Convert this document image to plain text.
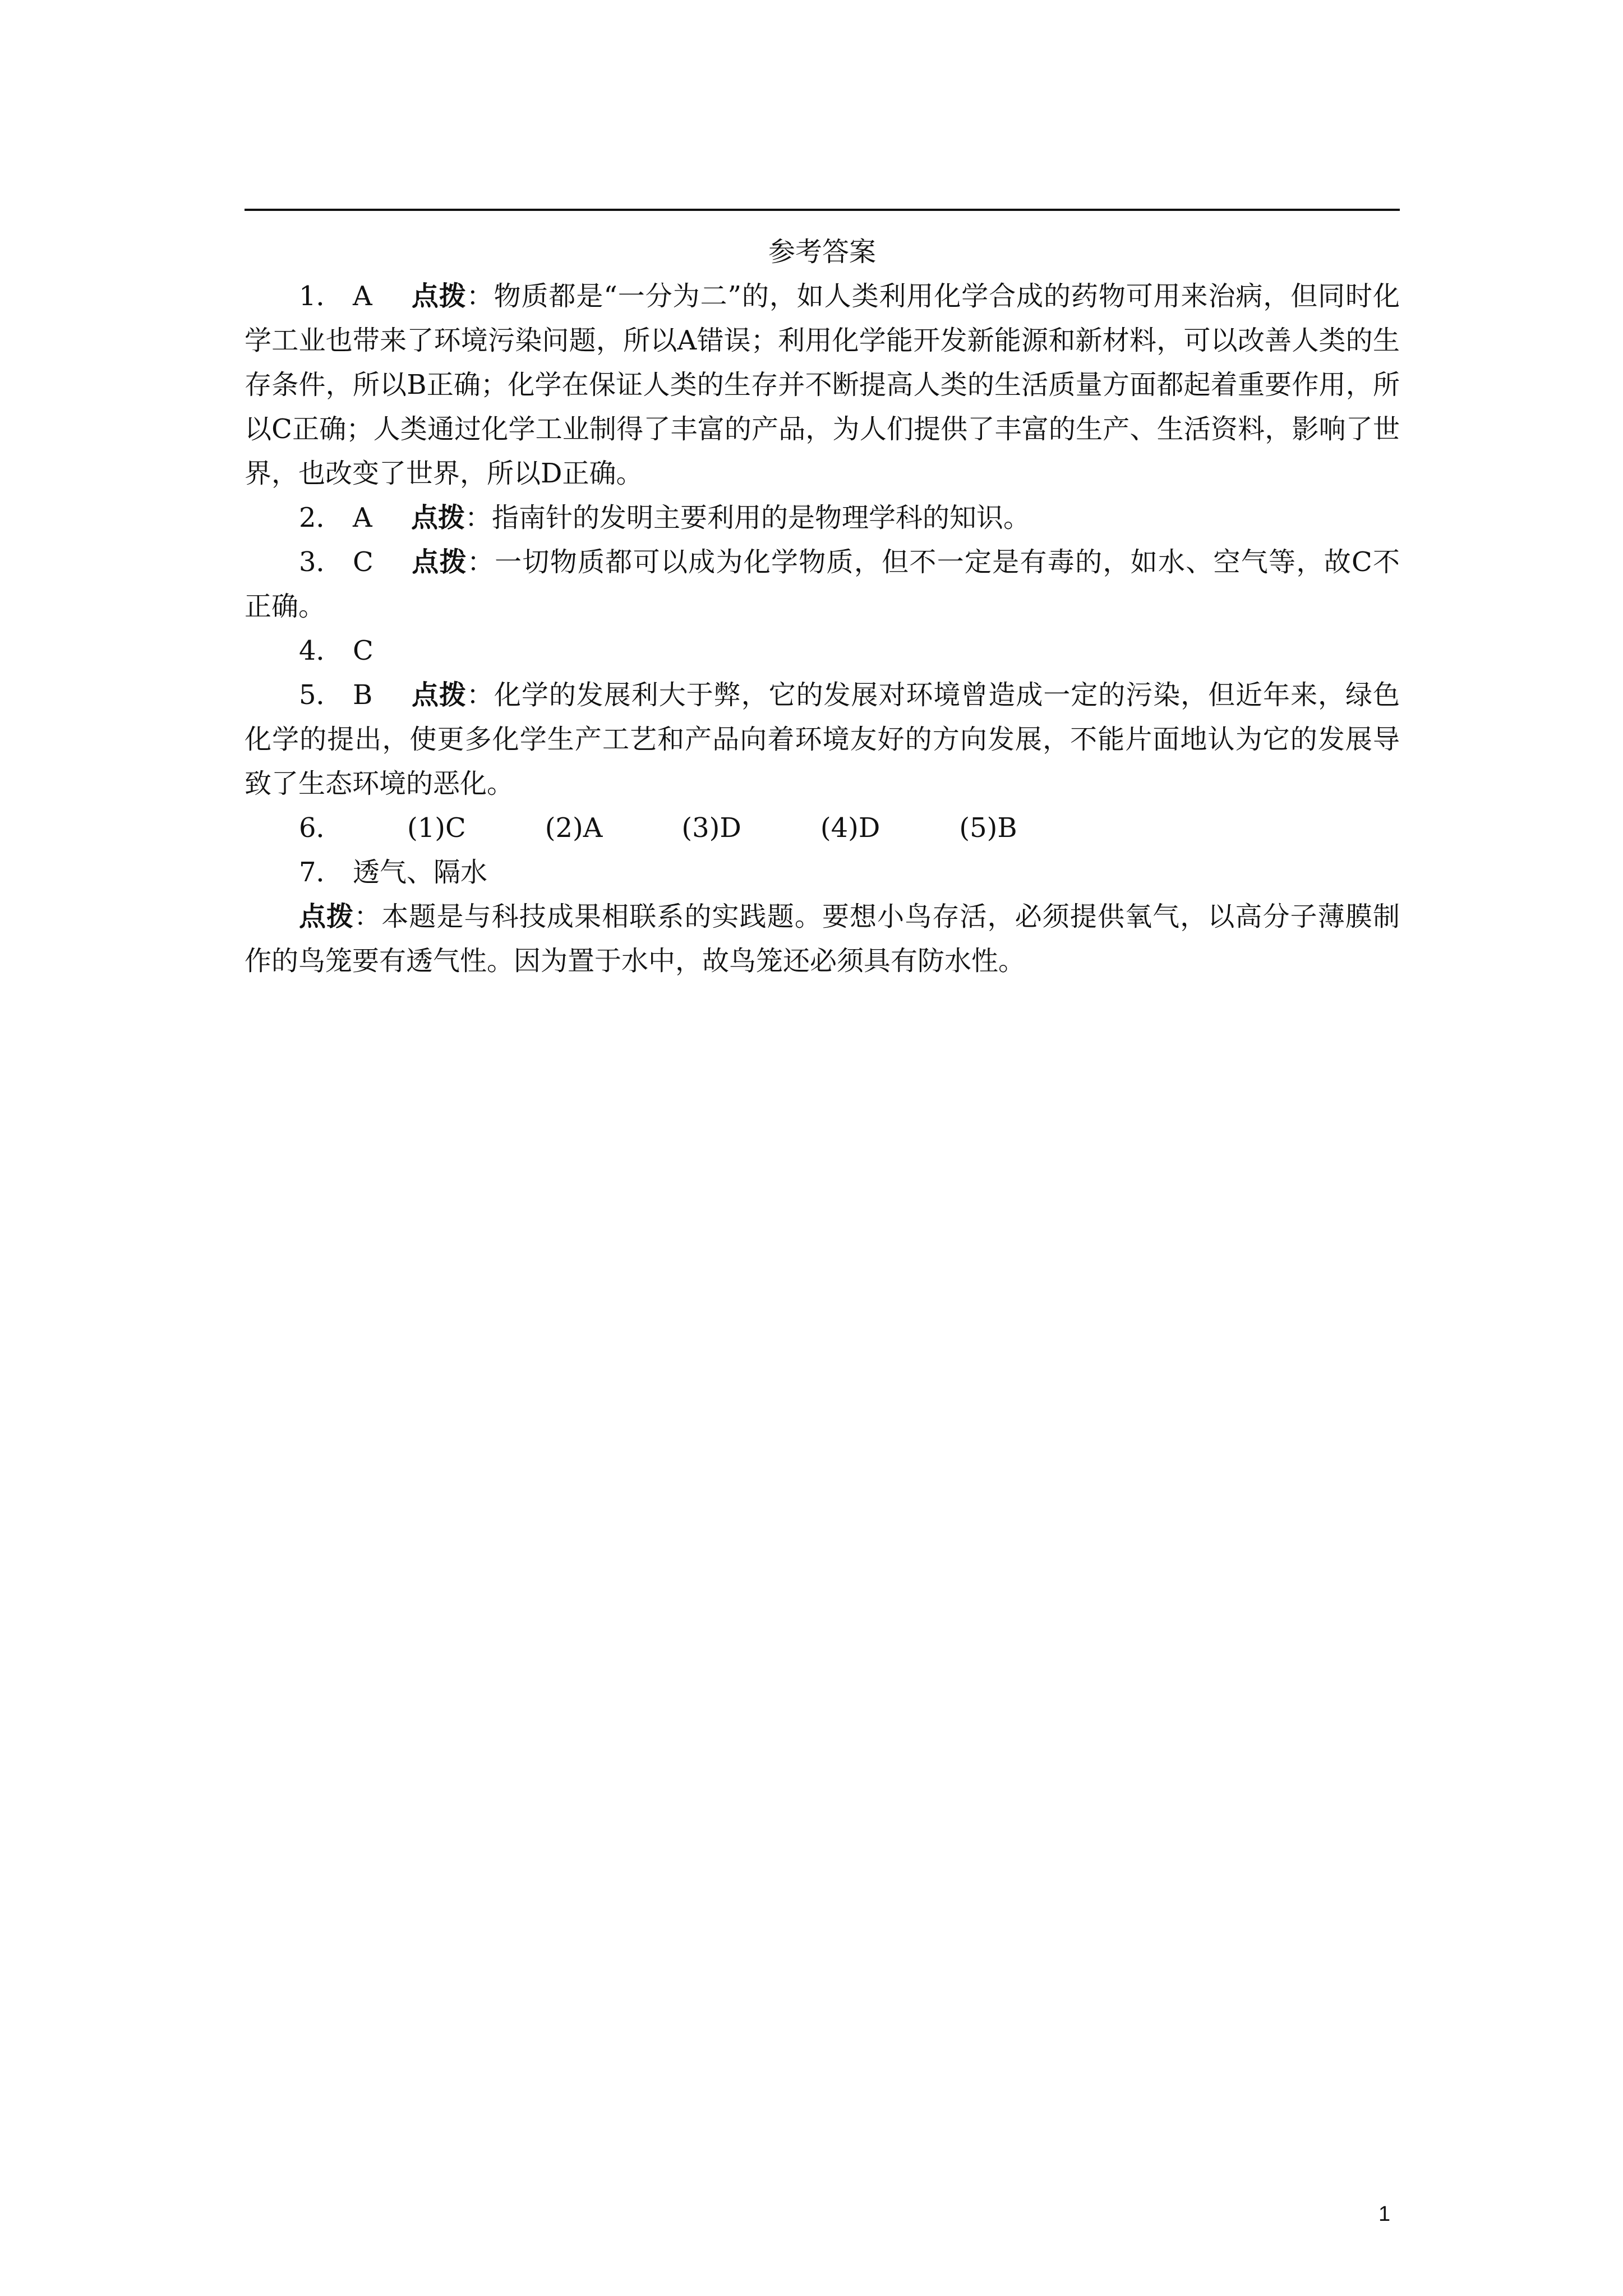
参考答案

1． A 点拨：物质都是“一分为二”的，如人类利用化学合成的药物可用来治病，但同时化学工业也带来了环境污染问题，所以A错误；利用化学能开发新能源和新材料，可以改善人类的生存条件，所以B正确；化学在保证人类的生存并不断提高人类的生活质量方面都起着重要作用，所以C正确；人类通过化学工业制得了丰富的产品，为人们提供了丰富的生产、生活资料，影响了世界，也改变了世界，所以D正确。

2． A 点拨：指南针的发明主要利用的是物理学科的知识。

3． C 点拨：一切物质都可以成为化学物质，但不一定是有毒的，如水、空气等，故C不正确。

4． C

5． B 点拨：化学的发展利大于弊，它的发展对环境曾造成一定的污染，但近年来，绿色化学的提出，使更多化学生产工艺和产品向着环境友好的方向发展，不能片面地认为它的发展导致了生态环境的恶化。

6． (1)C	(2)A	(3)D	(4)D	(5)B

7． 透气、隔水

点拨：本题是与科技成果相联系的实践题。要想小鸟存活，必须提供氧气，以高分子薄膜制作的鸟笼要有透气性。因为置于水中，故鸟笼还必须具有防水性。

1
